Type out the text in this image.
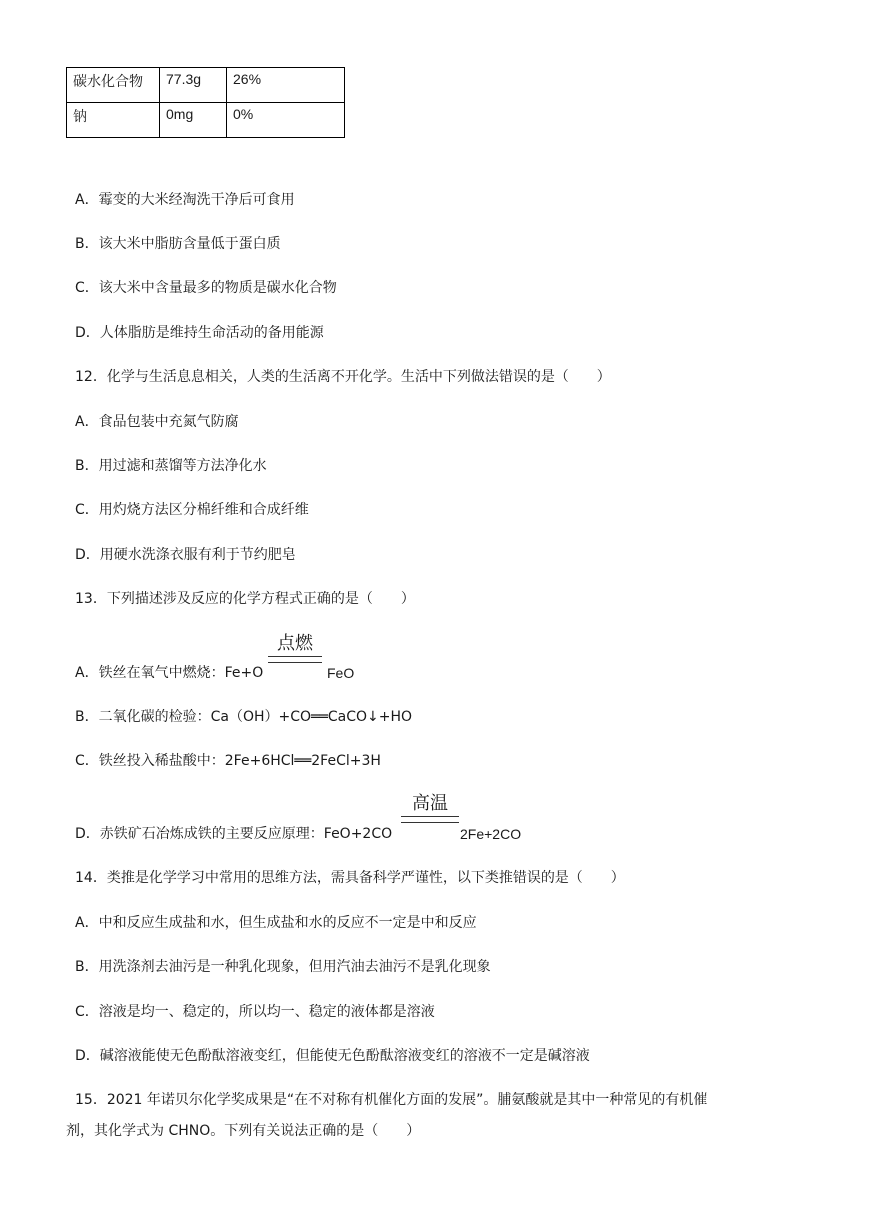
碳水化合物	77.3g	26%
钠	0mg	0%
A．霉变的大米经淘洗干净后可食用
B．该大米中脂肪含量低于蛋白质
C．该大米中含量最多的物质是碳水化合物
D．人体脂肪是维持生命活动的备用能源
12．化学与生活息息相关，人类的生活离不开化学。生活中下列做法错误的是（　　）
A．食品包装中充氮气防腐
B．用过滤和蒸馏等方法净化水
C．用灼烧方法区分棉纤维和合成纤维
D．用硬水洗涤衣服有利于节约肥皂
13．下列描述涉及反应的化学方程式正确的是（　　）
点燃
A．铁丝在氧气中燃烧：Fe+O	FeO
B．二氧化碳的检验：Ca（OH）+CO══CaCO↓+HO
C．铁丝投入稀盐酸中：2Fe+6HCl══2FeCl+3H
高温
D．赤铁矿石冶炼成铁的主要反应原理：FeO+2CO	2Fe+2CO
14．类推是化学学习中常用的思维方法，需具备科学严谨性，以下类推错误的是（　　）
A．中和反应生成盐和水，但生成盐和水的反应不一定是中和反应
B．用洗涤剂去油污是一种乳化现象，但用汽油去油污不是乳化现象
C．溶液是均一、稳定的，所以均一、稳定的液体都是溶液
D．碱溶液能使无色酚酞溶液变红，但能使无色酚酞溶液变红的溶液不一定是碱溶液
15．2021 年诺贝尔化学奖成果是“在不对称有机催化方面的发展”。脯氨酸就是其中一种常见的有机催
剂，其化学式为 CHNO。下列有关说法正确的是（　　）
